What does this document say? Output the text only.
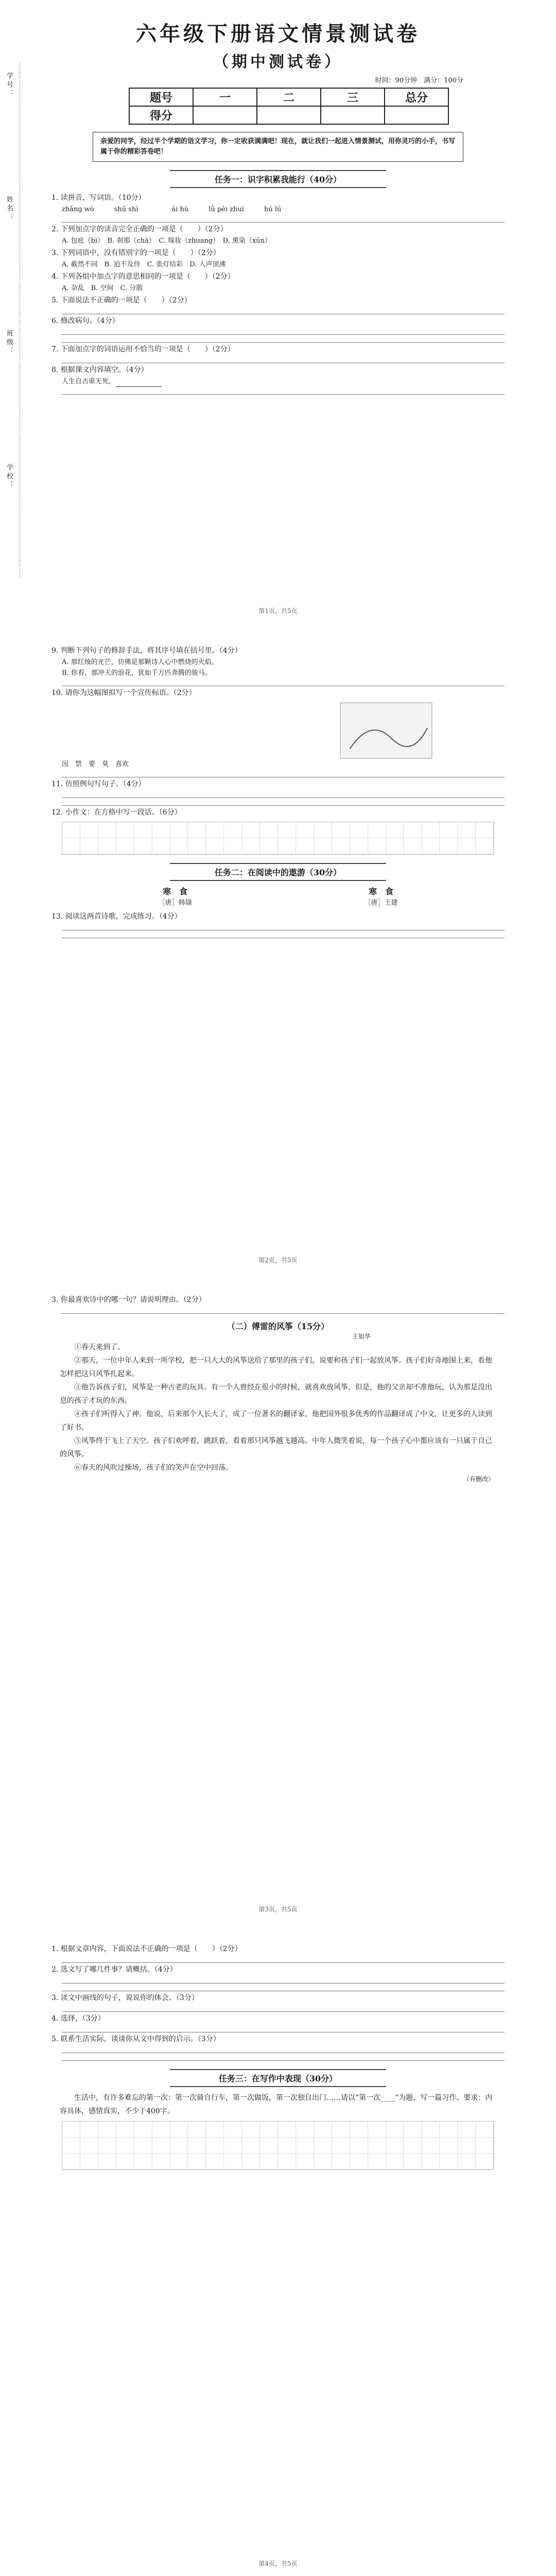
学号：
姓名：
班级：
学校：
六年级下册语文情景测试卷
（期中测试卷）
时间：90分钟　满分：100分
题号	一	二	三	总分
得分				
亲爱的同学，经过半个学期的语文学习，你一定收获满满吧！现在，就让我们一起进入情景测试，用你灵巧的小手，书写属于你的精彩答卷吧！
任务一：识字积累我能行（40分）
1. 读拼音，写词语。（10分）
zhǎng wò　　　shū shì　　　　　ài hù　　　lǜ pèi zhuì　　　hú lú
2. 下列加点字的读音完全正确的一项是（　　）（2分）
A. 包庇（bì）　B. 刹那（chà）　C. 嫁妆（zhuang）　D. 熏染（xūn）
3. 下列词语中，没有错别字的一项是（　　）（2分）
A. 截然不同　B. 迫不及待　C. 张灯结彩　D. 人声顶沸
4. 下列各组中加点字的意思相同的一项是（　　）（2分）
A. 杂乱　B. 空间　C. 分散
5. 下面说法不正确的一项是（　　）（2分）
6. 修改病句。（4分）
7. 下面加点字的词语运用不恰当的一项是（　　）（2分）
8. 根据课文内容填空。（4分）
人生自古谁无死，
第1页，共5页
9. 判断下列句子的修辞手法，将其序号填在括号里。（4分）
A. 那红烛的光芒，仿佛是那颗诗人心中燃烧的火焰。
B. 你看，那冲天的浪花，犹如千万匹奔腾的骏马。
10. 请你为这幅图拟写一个宣传标语。（2分）
因　禁　要　莫　喜欢
11. 仿照例句写句子。（4分）
12. 小作文：在方格中写一段话。（6分）
任务二：在阅读中的遨游（30分）
寒　食
［唐］韩翃
寒　食
［唐］王建
13. 阅读这两首诗歌，完成练习。（4分）
第2页，共5页
3. 你最喜欢诗中的哪一句？请说明理由。（2分）
（二）傅雷的风筝（15分）
王如华
①春天来到了。
②那天，一位中年人来到一所学校，把一只大大的风筝送给了那里的孩子们，说要和孩子们一起放风筝。孩子们好奇地围上来，看他怎样把这只风筝扎起来。
③他告诉孩子们，风筝是一种古老的玩具。有一个人曾经在很小的时候，就喜欢放风筝，但是，他的父亲却不准他玩，认为那是没出息的孩子才玩的东西。
④孩子们听得入了神。他说，后来那个人长大了，成了一位著名的翻译家，他把国外很多优秀的作品翻译成了中文，让更多的人读到了好书。
⑤风筝终于飞上了天空。孩子们欢呼着，跳跃着，看着那只风筝越飞越高。中年人微笑着说，每一个孩子心中都应该有一只属于自己的风筝。
⑥春天的风吹过操场，孩子们的笑声在空中回荡。
（有删改）
第3页，共5页
1. 根据文章内容，下面说法不正确的一项是（　　）（2分）
2. 选文写了哪几件事？请概括。（4分）
3. 读文中画线的句子，说说你的体会。（3分）
4. 选择，（3分）
5. 联系生活实际，谈谈你从文中得到的启示。（3分）
任务三：在写作中表现（30分）
生活中，有许多难忘的第一次：第一次骑自行车，第一次做饭，第一次独自出门……请以“第一次____”为题，写一篇习作。要求：内容具体，感情真实，不少于400字。
第4页，共5页
